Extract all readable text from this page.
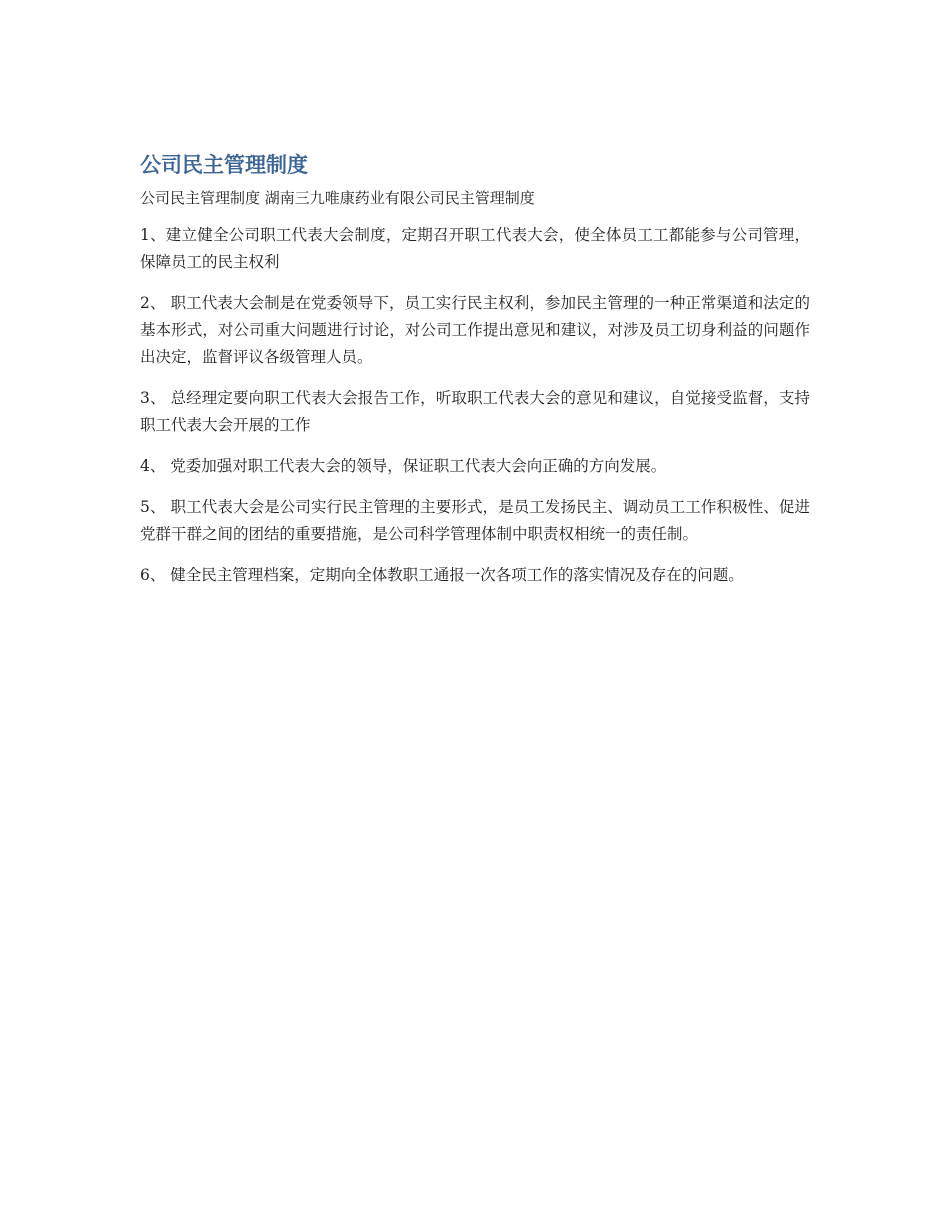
公司民主管理制度

公司民主管理制度 湖南三九唯康药业有限公司民主管理制度

1、建立健全公司职工代表大会制度，定期召开职工代表大会，使全体员工工都能参与公司管理，保障员工的民主权利

2、 职工代表大会制是在党委领导下，员工实行民主权利，参加民主管理的一种正常渠道和法定的基本形式，对公司重大问题进行讨论，对公司工作提出意见和建议，对涉及员工切身利益的问题作出决定，监督评议各级管理人员。

3、 总经理定要向职工代表大会报告工作，听取职工代表大会的意见和建议，自觉接受监督，支持职工代表大会开展的工作

4、 党委加强对职工代表大会的领导，保证职工代表大会向正确的方向发展。

5、 职工代表大会是公司实行民主管理的主要形式，是员工发扬民主、调动员工工作积极性、促进党群干群之间的团结的重要措施，是公司科学管理体制中职责权相统一的责任制。

6、 健全民主管理档案，定期向全体教职工通报一次各项工作的落实情况及存在的问题。
